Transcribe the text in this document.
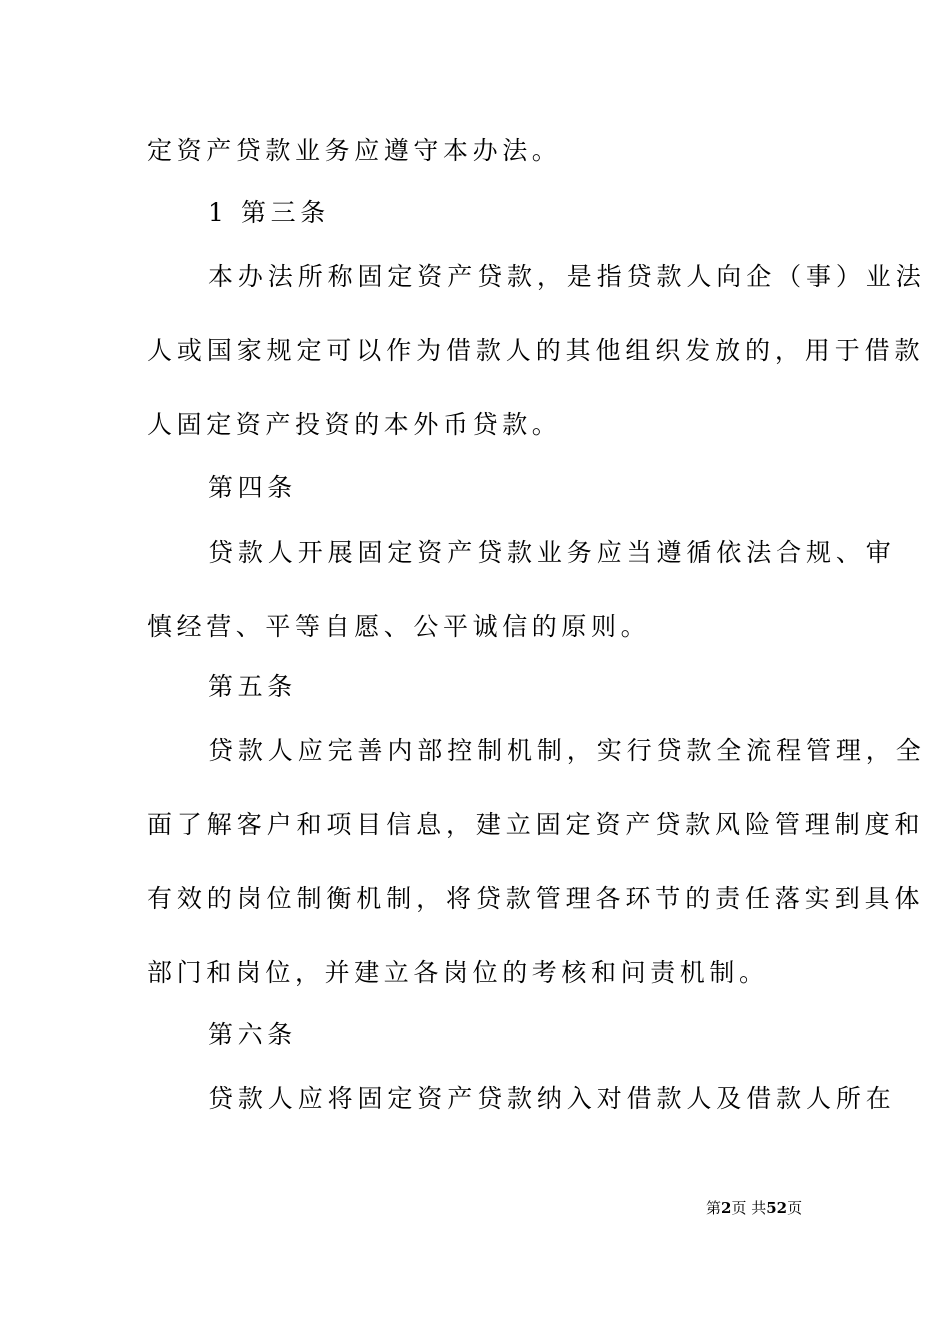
定资产贷款业务应遵守本办法。
1 第三条
本办法所称固定资产贷款，是指贷款人向企（事）业法
人或国家规定可以作为借款人的其他组织发放的，用于借款
人固定资产投资的本外币贷款。
第四条
贷款人开展固定资产贷款业务应当遵循依法合规、审
慎经营、平等自愿、公平诚信的原则。
第五条
贷款人应完善内部控制机制，实行贷款全流程管理，全
面了解客户和项目信息，建立固定资产贷款风险管理制度和
有效的岗位制衡机制，将贷款管理各环节的责任落实到具体
部门和岗位，并建立各岗位的考核和问责机制。
第六条
贷款人应将固定资产贷款纳入对借款人及借款人所在
第2页 共52页
